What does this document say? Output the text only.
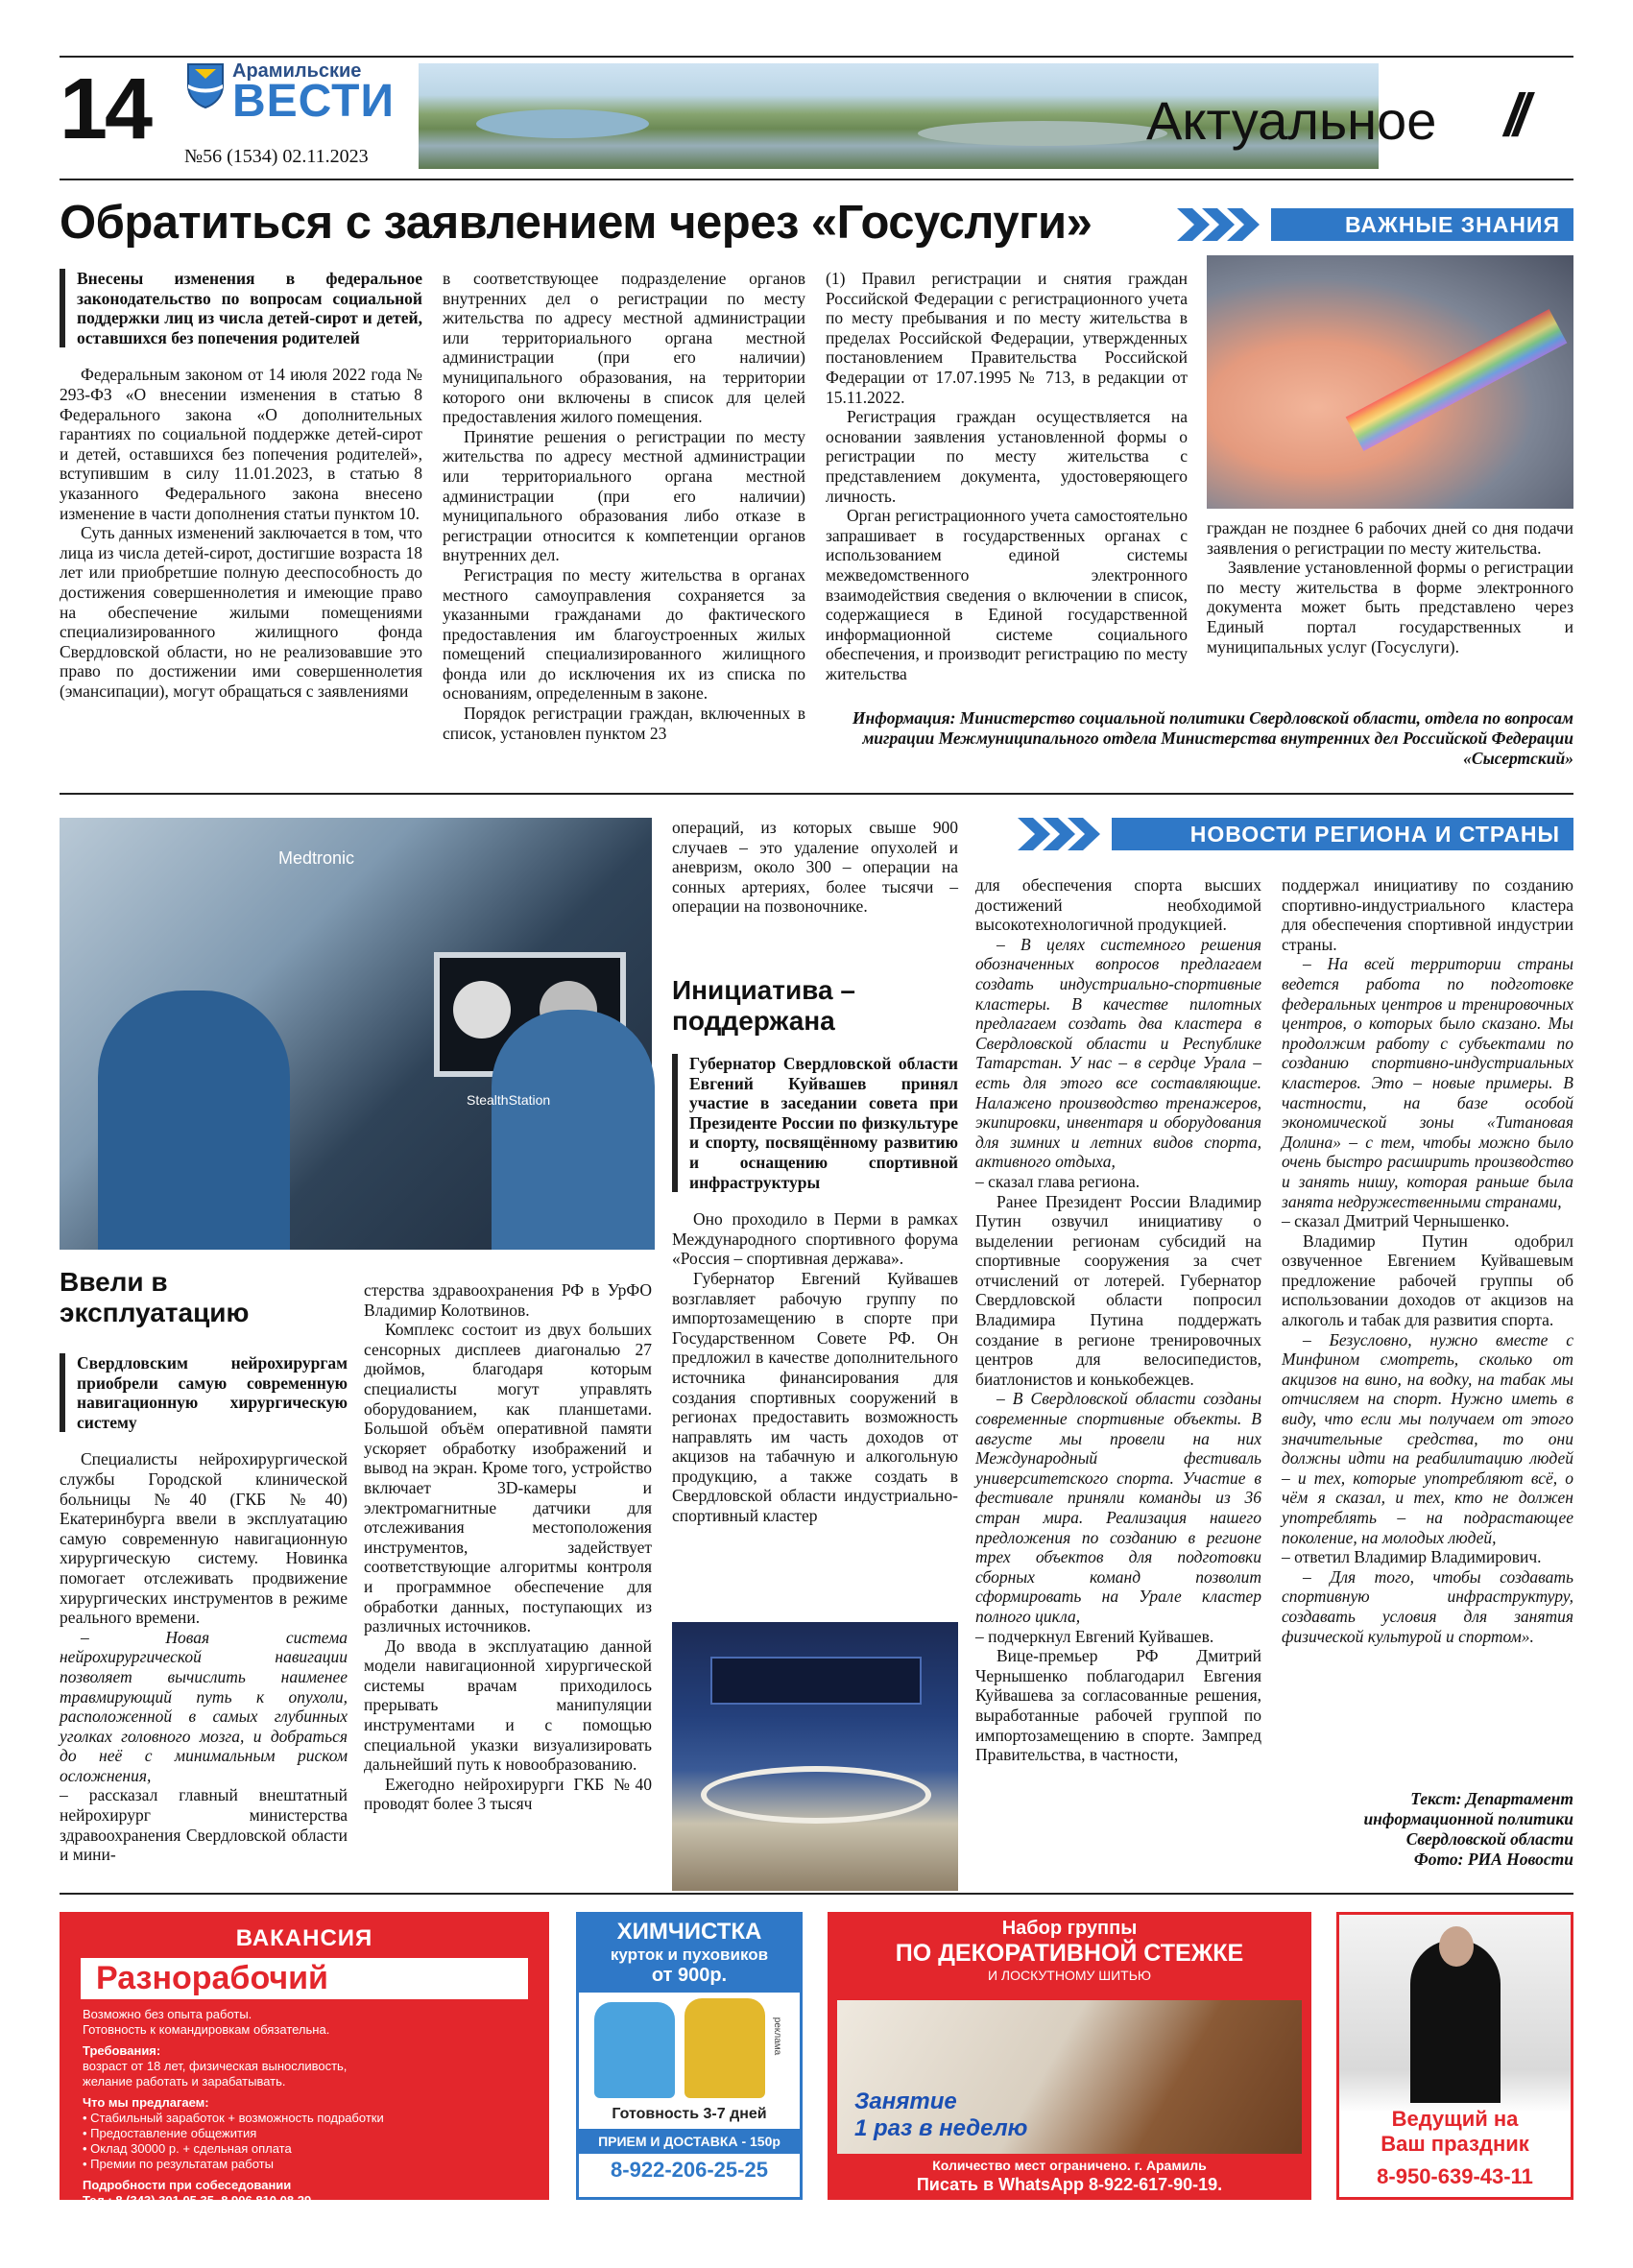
14	Арамильские
ВЕСТИ
№56 (1534) 02.11.2023
Актуальное //
Обратиться с заявлением через «Госуслуги»	ВАЖНЫЕ ЗНАНИЯ
Внесены изменения в федеральное законодательство по вопросам социальной поддержки лиц из числа детей-сирот и детей, оставшихся без попечения родителей

Федеральным законом от 14 июля 2022 года № 293-ФЗ «О внесении изменения в статью 8 Федерального закона «О дополнительных гарантиях по социальной поддержке детей-сирот и детей, оставшихся без попечения родителей», вступившим в силу 11.01.2023, в статью 8 указанного Федерального закона внесено изменение в части дополнения статьи пунктом 10.

Суть данных изменений заключается в том, что лица из числа детей-сирот, достигшие возраста 18 лет или приобретшие полную дееспособность до достижения совершеннолетия и имеющие право на обеспечение жилыми помещениями специализированного жилищного фонда Свердловской области, но не реализовавшие это право по достижении ими совершеннолетия (эмансипации), могут обращаться с заявлениями

в соответствующее подразделение органов внутренних дел о регистрации по месту жительства по адресу местной администрации или территориального органа местной администрации (при его наличии) муниципального образования, на территории которого они включены в список для целей предоставления жилого помещения.

Принятие решения о регистрации по месту жительства по адресу местной администрации или территориального органа местной администрации (при его наличии) муниципального образования либо отказе в регистрации относится к компетенции органов внутренних дел.

Регистрация по месту жительства в органах местного самоуправления сохраняется за указанными гражданами до фактического предоставления им благоустроенных жилых помещений специализированного жилищного фонда или до исключения их из списка по основаниям, определенным в законе.

Порядок регистрации граждан, включенных в список, установлен пунктом 23

(1) Правил регистрации и снятия граждан Российской Федерации с регистрационного учета по месту пребывания и по месту жительства в пределах Российской Федерации, утвержденных постановлением Правительства Российской Федерации от 17.07.1995 № 713, в редакции от 15.11.2022.

Регистрация граждан осуществляется на основании заявления установленной формы о регистрации по месту жительства с представлением документа, удостоверяющего личность.

Орган регистрационного учета самостоятельно запрашивает в государственных органах с использованием единой системы межведомственного электронного взаимодействия сведения о включении в список, содержащиеся в Единой государственной информационной системе социального обеспечения, и производит регистрацию по месту жительства

граждан не позднее 6 рабочих дней со дня подачи заявления о регистрации по месту жительства.

Заявление установленной формы о регистрации по месту жительства в форме электронного документа может быть представлено через Единый портал государственных и муниципальных услуг (Госуслуги).

Информация: Министерство социальной политики Свердловской области, отдела по вопросам миграции Межмуниципального отдела Министерства внутренних дел Российской Федерации «Сысертский»
Medtronic
StealthStation
Ввели в эксплуатацию
Свердловским нейрохирургам приобрели самую современную навигационную хирургическую систему

Специалисты нейрохирургической службы Городской клинической больницы №40 (ГКБ №40) Екатеринбурга ввели в эксплуатацию самую современную навигационную хирургическую систему. Новинка помогает отслеживать продвижение хирургических инструментов в режиме реального времени.

– Новая система нейрохирургической навигации позволяет вычислить наименее травмирующий путь к опухоли, расположенной в самых глубинных уголках головного мозга, и добраться до неё с минимальным риском осложнения,

– рассказал главный внештатный нейрохирург министерства здравоохранения Свердловской области и мини-

стерства здравоохранения РФ в УрФО Владимир Колотвинов.

Комплекс состоит из двух больших сенсорных дисплеев диагональю 27 дюймов, благодаря которым специалисты могут управлять оборудованием, как планшетами. Большой объём оперативной памяти ускоряет обработку изображений и вывод на экран. Кроме того, устройство включает 3D-камеры и электромагнитные датчики для отслеживания местоположения инструментов, задействует соответствующие алгоритмы контроля и программное обеспечение для обработки данных, поступающих из различных источников.

До ввода в эксплуатацию данной модели навигационной хирургической системы врачам приходилось прерывать манипуляции инструментами и с помощью специальной указки визуализировать дальнейший путь к новообразованию.

Ежегодно нейрохирурги ГКБ №40 проводят более 3 тысяч

операций, из которых свыше 900 случаев – это удаление опухолей и аневризм, около 300 – операции на сонных артериях, более тысячи – операции на позвоночнике.

НОВОСТИ РЕГИОНА И СТРАНЫ
Инициатива – поддержана
Губернатор Свердловской области Евгений Куйвашев принял участие в заседании совета при Президенте России по физкультуре и спорту, посвящённому развитию и оснащению спортивной инфраструктуры

Оно проходило в Перми в рамках Международного спортивного форума «Россия – спортивная держава».

Губернатор Евгений Куйвашев возглавляет рабочую группу по импортозамещению в спорте при Государственном Совете РФ. Он предложил в качестве дополнительного источника финансирования для создания спортивных сооружений в регионах предоставить возможность направлять им часть доходов от акцизов на табачную и алкогольную продукцию, а также создать в Свердловской области индустриально-спортивный кластер

для обеспечения спорта высших достижений необходимой высокотехнологичной продукцией.

– В целях системного решения обозначенных вопросов предлагаем создать индустриально-спортивные кластеры. В качестве пилотных предлагаем создать два кластера в Свердловской области и Республике Татарстан. У нас – в сердце Урала – есть для этого все составляющие. Налажено производство тренажеров, экипировки, инвентаря и оборудования для зимних и летних видов спорта, активного отдыха,

– сказал глава региона.

Ранее Президент России Владимир Путин озвучил инициативу о выделении регионам субсидий на спортивные сооружения за счет отчислений от лотерей. Губернатор Свердловской области попросил Владимира Путина поддержать создание в регионе тренировочных центров для велосипедистов, биатлонистов и конькобежцев.

– В Свердловской области созданы современные спортивные объекты. В августе мы провели на них Международный фестиваль университетского спорта. Участие в фестивале приняли команды из 36 стран мира. Реализация нашего предложения по созданию в регионе трех объектов для подготовки сборных команд позволит сформировать на Урале кластер полного цикла,

– подчеркнул Евгений Куйвашев.

Вице-премьер РФ Дмитрий Чернышенко поблагодарил Евгения Куйвашева за согласованные решения, выработанные рабочей группой по импортозамещению в спорте. Зампред Правительства, в частности,

поддержал инициативу по созданию спортивно-индустриального кластера для обеспечения спортивной индустрии страны.

– На всей территории страны ведется работа по подготовке федеральных центров и тренировочных центров, о которых было сказано. Мы продолжим работу с субъектами по созданию спортивно-индустриальных кластеров. Это – новые примеры. В частности, на базе особой экономической зоны «Титановая Долина» – с тем, чтобы можно было очень быстро расширить производство и занять нишу, которая раньше была занята недружественными странами,

– сказал Дмитрий Чернышенко.

Владимир Путин одобрил озвученное Евгением Куйвашевым предложение рабочей группы об использовании доходов от акцизов на алкоголь и табак для развития спорта.

– Безусловно, нужно вместе с Минфином смотреть, сколько от акцизов на вино, на водку, на табак мы отчисляем на спорт. Нужно иметь в виду, что если мы получаем от этого значительные средства, то они должны идти на реабилитацию людей – и тех, которые употребляют всё, о чём я сказал, и тех, кто не должен употреблять – на подрастающее поколение, на молодых людей,

– ответил Владимир Владимирович.

– Для того, чтобы создавать спортивную инфраструктуру, создавать условия для занятия физической культурой и спортом».

Текст: Департамент
информационной политики
Свердловской области
Фото: РИА Новости
ВАКАНСИЯ
Разнорабочий
Возможно без опыта работы.
Готовность к командировкам обязательна.
Требования:
возраст от 18 лет, физическая выносливость,
желание работать и зарабатывать.
Что мы предлагаем:
• Стабильный заработок + возможность подработки
• Предоставление общежития
• Оклад 30000 р. + сдельная оплата
• Премии по результатам работы
Подробности при собеседовании
Тел.: 8 (343) 301 05 35, 8 906 810 08 29
ХИМЧИСТКА
курток и пуховиков
от 900р.
реклама
Готовность 3-7 дней
ПРИЕМ И ДОСТАВКА - 150р
8-922-206-25-25
Набор группы
ПО ДЕКОРАТИВНОЙ СТЕЖКЕ
И ЛОСКУТНОМУ ШИТЬЮ
Занятие
1 раз в неделю
Количество мест ограничено. г. Арамиль
Писать в WhatsApp 8-922-617-90-19.
Ведущий на
Ваш праздник
8-950-639-43-11
